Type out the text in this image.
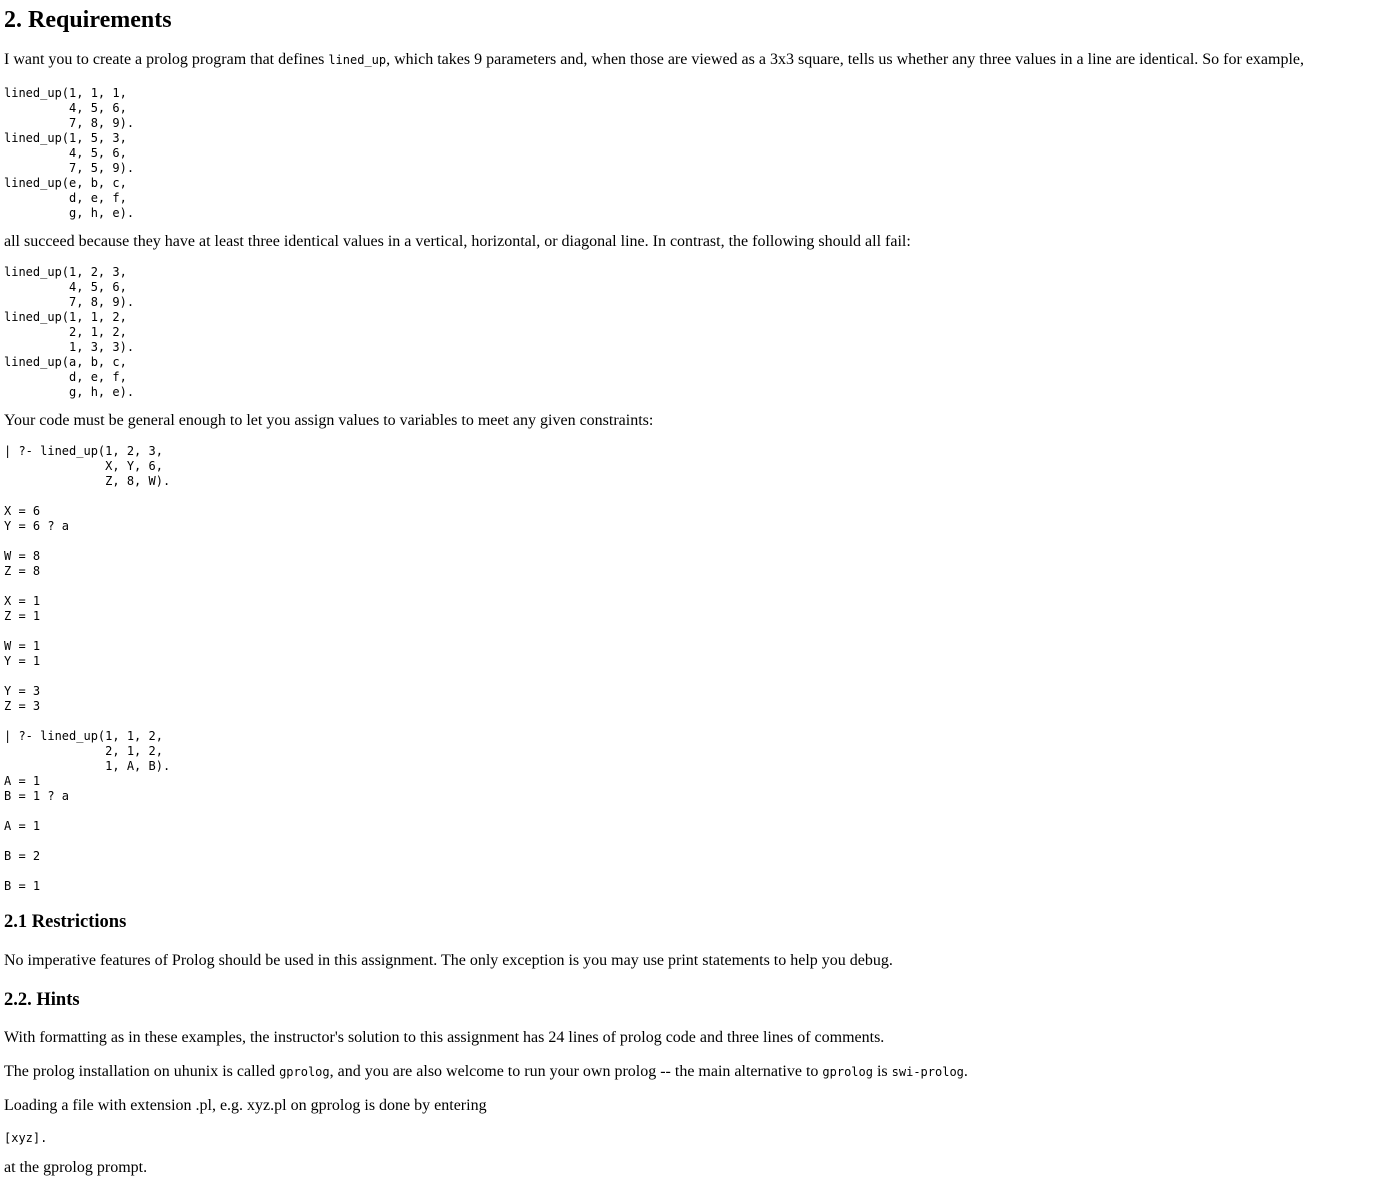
2. Requirements

I want you to create a prolog program that defines lined_up, which takes 9 parameters and, when those are viewed as a 3x3 square, tells us whether any three values in a line are identical. So for example,

lined_up(1, 1, 1,
4, 5, 6,
7, 8, 9).
lined_up(1, 5, 3,
4, 5, 6,
7, 5, 9).
lined_up(e, b, c,
d, e, f,
g, h, e).

all succeed because they have at least three identical values in a vertical, horizontal, or diagonal line. In contrast, the following should all fail:

lined_up(1, 2, 3,
4, 5, 6,
7, 8, 9).
lined_up(1, 1, 2,
2, 1, 2,
1, 3, 3).
lined_up(a, b, c,
d, e, f,
g, h, e).

Your code must be general enough to let you assign values to variables to meet any given constraints:

| ?- lined_up(1, 2, 3,
X, Y, 6,
Z, 8, W).
X = 6
Y = 6 ? a

W = 8
Z = 8

X = 1
Z = 1

W = 1
Y = 1

Y = 3
Z = 3
| ?- lined_up(1, 1, 2,
2, 1, 2,
1, A, B).
A = 1
B = 1 ? a

A = 1

B = 2

B = 1
2.1 Restrictions

No imperative features of Prolog should be used in this assignment. The only exception is you may use print statements to help you debug.

2.2. Hints

With formatting as in these examples, the instructor's solution to this assignment has 24 lines of prolog code and three lines of comments.

The prolog installation on uhunix is called gprolog, and you are also welcome to run your own prolog -- the main alternative to gprolog is swi-prolog.

Loading a file with extension .pl, e.g. xyz.pl on gprolog is done by entering

[xyz].

at the gprolog prompt.
